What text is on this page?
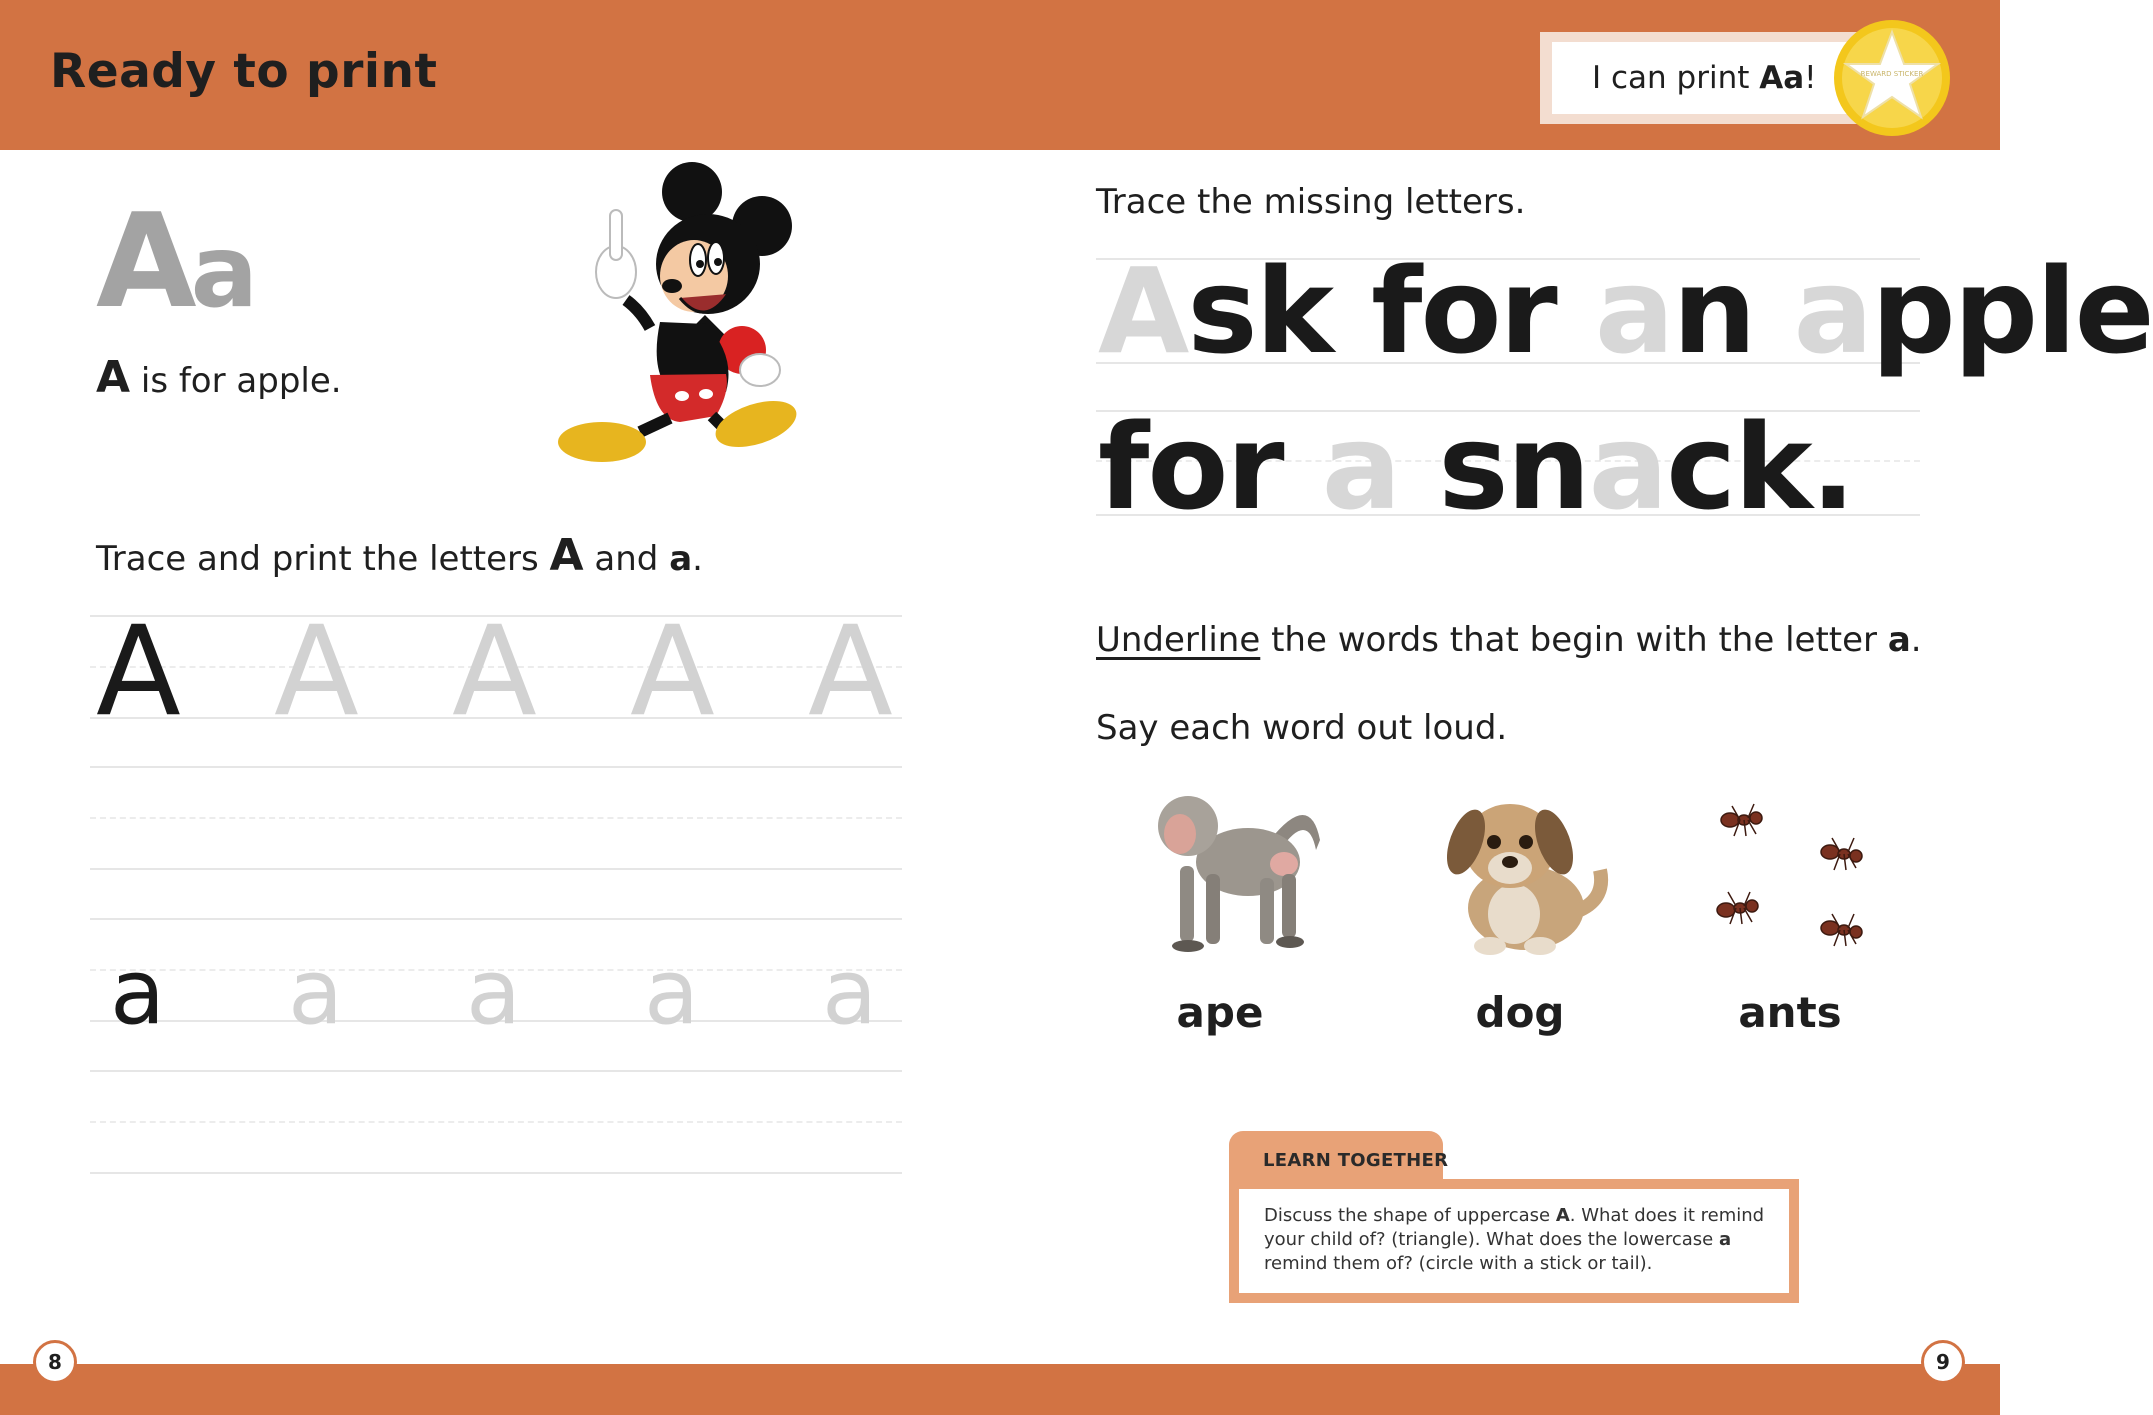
Ready to print	I can print Aa!	REWARD STICKER
8	9
Aa
A is for apple.
Trace and print the letters A and a.
A A A A A
a a a a a
Trace the missing letters.
Ask for an apple
for a snack.
Underline the words that begin with the letter a.
Say each word out loud.
ape	dog	ants
LEARN TOGETHER
Discuss the shape of uppercase A. What does it remind your child of? (triangle). What does the lowercase a remind them of? (circle with a stick or tail).
